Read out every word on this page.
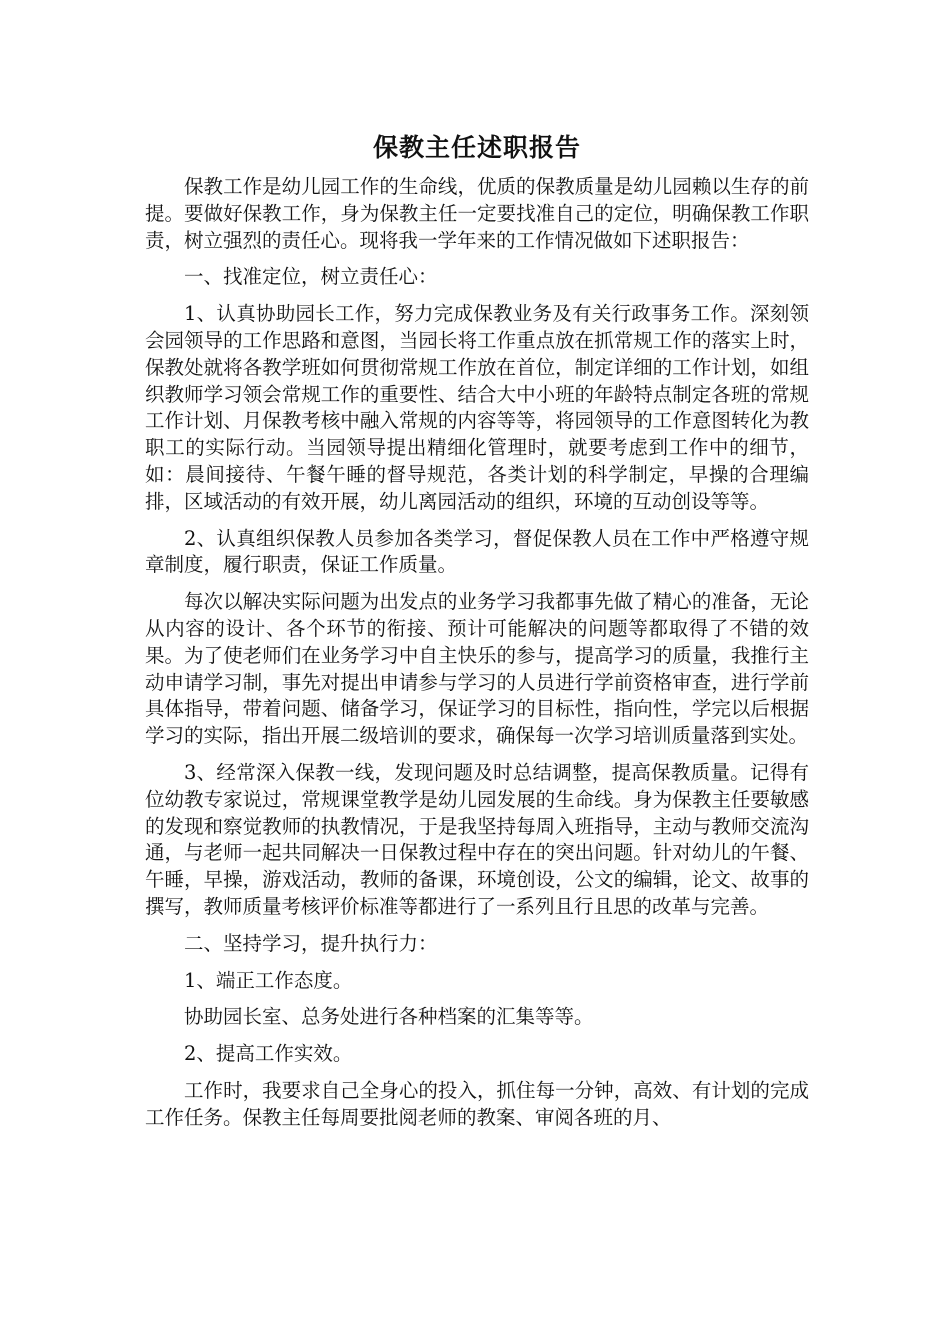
保教主任述职报告

保教工作是幼儿园工作的生命线，优质的保教质量是幼儿园赖以生存的前提。要做好保教工作，身为保教主任一定要找准自己的定位，明确保教工作职责，树立强烈的责任心。现将我一学年来的工作情况做如下述职报告：

一、找准定位，树立责任心：

1、认真协助园长工作，努力完成保教业务及有关行政事务工作。深刻领会园领导的工作思路和意图，当园长将工作重点放在抓常规工作的落实上时，保教处就将各教学班如何贯彻常规工作放在首位，制定详细的工作计划，如组织教师学习领会常规工作的重要性、结合大中小班的年龄特点制定各班的常规工作计划、月保教考核中融入常规的内容等等，将园领导的工作意图转化为教职工的实际行动。当园领导提出精细化管理时，就要考虑到工作中的细节，如：晨间接待、午餐午睡的督导规范，各类计划的科学制定，早操的合理编排，区域活动的有效开展，幼儿离园活动的组织，环境的互动创设等等。

2、认真组织保教人员参加各类学习，督促保教人员在工作中严格遵守规章制度，履行职责，保证工作质量。

每次以解决实际问题为出发点的业务学习我都事先做了精心的准备，无论从内容的设计、各个环节的衔接、预计可能解决的问题等都取得了不错的效果。为了使老师们在业务学习中自主快乐的参与，提高学习的质量，我推行主动申请学习制，事先对提出申请参与学习的人员进行学前资格审查，进行学前具体指导，带着问题、储备学习，保证学习的目标性，指向性，学完以后根据学习的实际，指出开展二级培训的要求，确保每一次学习培训质量落到实处。

3、经常深入保教一线，发现问题及时总结调整，提高保教质量。记得有位幼教专家说过，常规课堂教学是幼儿园发展的生命线。身为保教主任要敏感的发现和察觉教师的执教情况，于是我坚持每周入班指导，主动与教师交流沟通，与老师一起共同解决一日保教过程中存在的突出问题。针对幼儿的午餐、午睡，早操，游戏活动，教师的备课，环境创设，公文的编辑，论文、故事的撰写，教师质量考核评价标准等都进行了一系列且行且思的改革与完善。

二、坚持学习，提升执行力：

1、端正工作态度。

协助园长室、总务处进行各种档案的汇集等等。

2、提高工作实效。

工作时，我要求自己全身心的投入，抓住每一分钟，高效、有计划的完成工作任务。保教主任每周要批阅老师的教案、审阅各班的月、
